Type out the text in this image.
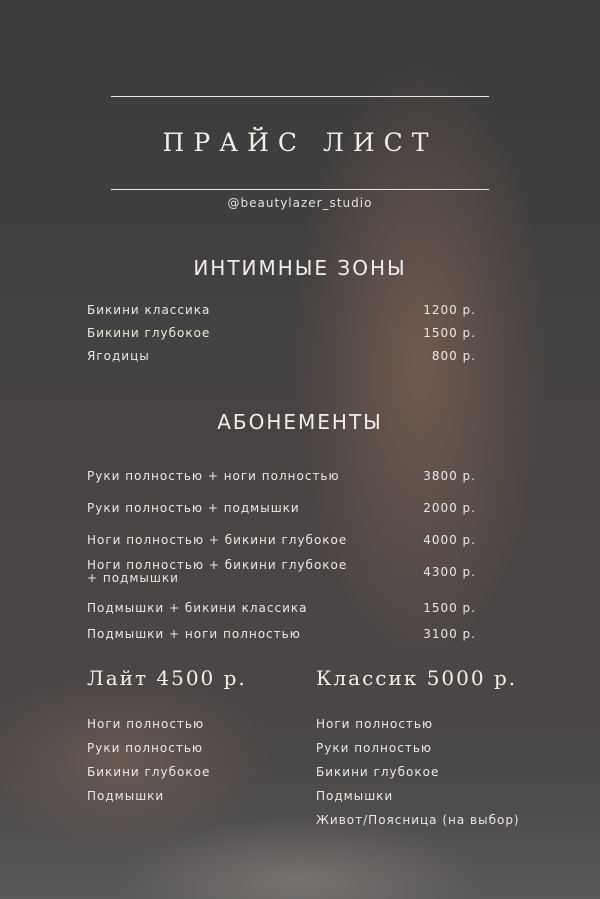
ПРАЙС ЛИСТ
@beautylazer_studio
ИНТИМНЫЕ ЗОНЫ
Бикини классика	1200 р.
Бикини глубокое	1500 р.
Ягодицы	800 р.
АБОНЕМЕНТЫ
Руки полностью + ноги полностью	3800 р.
Руки полностью + подмышки	2000 р.
Ноги полностью + бикини глубокое	4000 р.
Ноги полностью + бикини глубокое
+ подмышки	4300 р.
Подмышки + бикини классика	1500 р.
Подмышки + ноги полностью	3100 р.
Лайт 4500 р.	Классик 5000 р.
Ноги полностью
Руки полностью
Бикини глубокое
Подмышки
Ноги полностью
Руки полностью
Бикини глубокое
Подмышки
Живот/Поясница (на выбор)
